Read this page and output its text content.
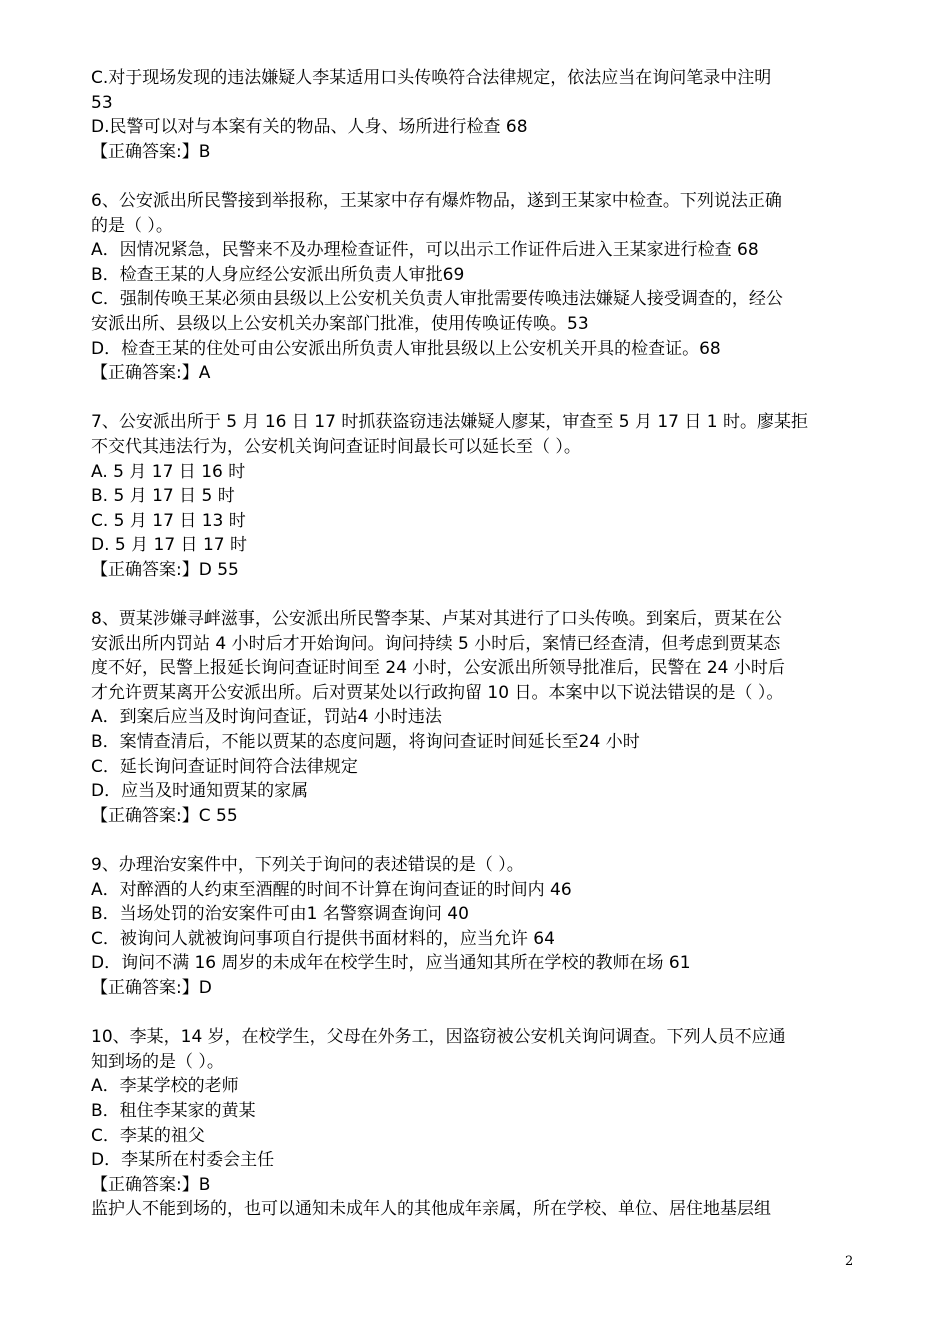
C.对于现场发现的违法嫌疑人李某适用口头传唤符合法律规定，依法应当在询问笔录中注明
53
D.民警可以对与本案有关的物品、人身、场所进行检查 68
【正确答案:】B
6、公安派出所民警接到举报称，王某家中存有爆炸物品，遂到王某家中检查。下列说法正确
的是（ ）。
A．因情况紧急，民警来不及办理检查证件，可以出示工作证件后进入王某家进行检查 68
B．检查王某的人身应经公安派出所负责人审批69
C．强制传唤王某必须由县级以上公安机关负责人审批需要传唤违法嫌疑人接受调查的，经公
安派出所、县级以上公安机关办案部门批准，使用传唤证传唤。53
D．检查王某的住处可由公安派出所负责人审批县级以上公安机关开具的检查证。68
【正确答案:】A
7、公安派出所于 5 月 16 日 17 时抓获盗窃违法嫌疑人廖某，审查至 5 月 17 日 1 时。廖某拒
不交代其违法行为，公安机关询问查证时间最长可以延长至（ ）。
A. 5 月 17 日 16 时
B. 5 月 17 日 5 时
C. 5 月 17 日 13 时
D. 5 月 17 日 17 时
【正确答案:】D 55
8、贾某涉嫌寻衅滋事，公安派出所民警李某、卢某对其进行了口头传唤。到案后，贾某在公
安派出所内罚站 4 小时后才开始询问。询问持续 5 小时后，案情已经查清，但考虑到贾某态
度不好，民警上报延长询问查证时间至 24 小时，公安派出所领导批准后，民警在 24 小时后
才允许贾某离开公安派出所。后对贾某处以行政拘留 10 日。本案中以下说法错误的是（ ）。
A．到案后应当及时询问查证，罚站4 小时违法
B．案情查清后，不能以贾某的态度问题，将询问查证时间延长至24 小时
C．延长询问查证时间符合法律规定
D．应当及时通知贾某的家属
【正确答案:】C 55
9、办理治安案件中，下列关于询问的表述错误的是（ ）。
A．对醉酒的人约束至酒醒的时间不计算在询问查证的时间内 46
B．当场处罚的治安案件可由1 名警察调查询问 40
C．被询问人就被询问事项自行提供书面材料的，应当允许 64
D．询问不满 16 周岁的未成年在校学生时，应当通知其所在学校的教师在场 61
【正确答案:】D
10、李某，14 岁，在校学生，父母在外务工，因盗窃被公安机关询问调查。下列人员不应通
知到场的是（ ）。
A．李某学校的老师
B．租住李某家的黄某
C．李某的祖父
D．李某所在村委会主任
【正确答案:】B
监护人不能到场的，也可以通知未成年人的其他成年亲属，所在学校、单位、居住地基层组
2
